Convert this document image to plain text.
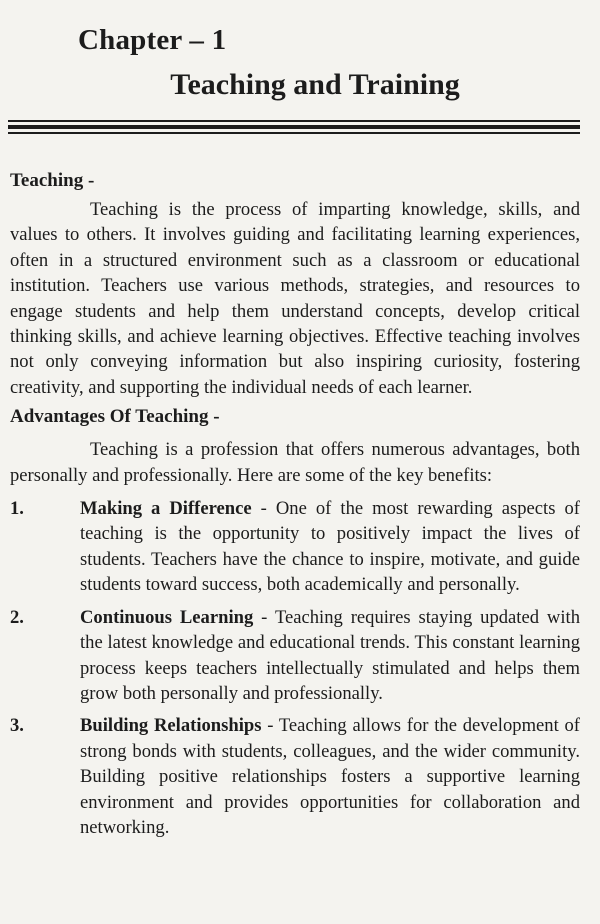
Chapter – 1
Teaching and Training
Teaching -

Teaching is the process of imparting knowledge, skills, and values to others. It involves guiding and facilitating learning experiences, often in a structured environment such as a classroom or educational institution. Teachers use various methods, strategies, and resources to engage students and help them understand concepts, develop critical thinking skills, and achieve learning objectives. Effective teaching involves not only conveying information but also inspiring curiosity, fostering creativity, and supporting the individual needs of each learner.

Advantages Of Teaching -

Teaching is a profession that offers numerous advantages, both personally and professionally. Here are some of the key benefits:

1.	Making a Difference - One of the most rewarding aspects of teaching is the opportunity to positively impact the lives of students. Teachers have the chance to inspire, motivate, and guide students toward success, both academically and personally.
2.	Continuous Learning - Teaching requires staying updated with the latest knowledge and educational trends. This constant learning process keeps teachers intellectually stimulated and helps them grow both personally and professionally.
3.	Building Relationships - Teaching allows for the development of strong bonds with students, colleagues, and the wider community. Building positive relationships fosters a supportive learning environment and provides opportunities for collaboration and networking.
